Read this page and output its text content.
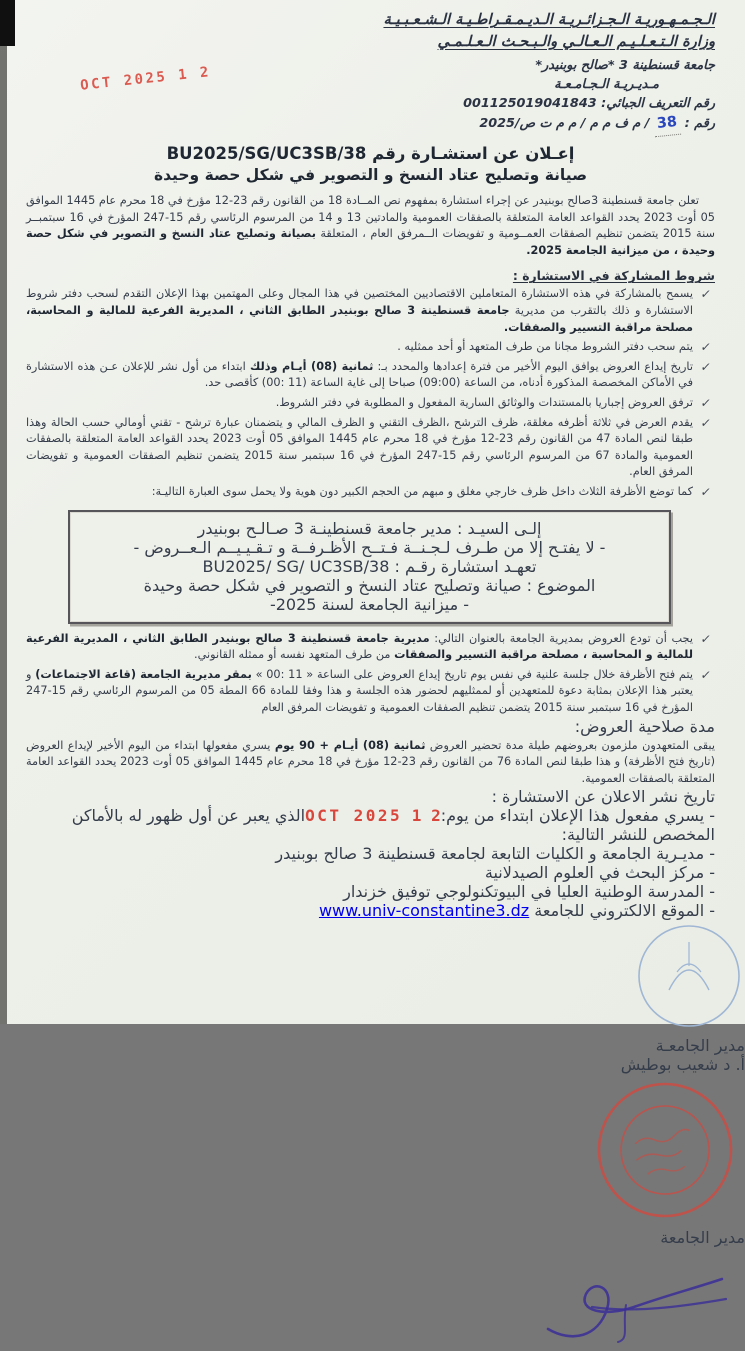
2 1 OCT 2025
الـجـمـهـوريـة الـجـزائـريـة الـديـمـقـراطـيـة الـشـعـبـيـة
وزارة الـتـعـلـيـم الـعـالـي والـبـحـث الـعـلـمـي
جامعة قسنطينة 3 *صالح بوبنيدر*
مـديـريـة الـجـامـعـة
رقم التعريف الجبائي: 001125019041843
رقم : 38 / م ف م م / م م ت ص/2025
إعـلان عن استشـارة رقم BU2025/SG/UC3SB/38
صيانة وتصليح عتاد النسخ و التصوير في شكل حصة وحيدة
تعلن جامعة قسنطينة 3صالح بوبنيدر عن إجراء استشارة بمفهوم نص المــادة 18 من القانون رقم 23-12 مؤرخ في 18 محرم عام 1445 الموافق 05 أوت 2023 يحدد القواعد العامة المتعلقة بالصفقات العمومية والمادتين 13 و 14 من المرسوم الرئاسي رقم 15-247 المؤرخ في 16 سبتمبــر سنة 2015 يتضمن تنظيم الصفقات العمــومية و تفويضات الــمرفق العام ، المتعلقة بصيانة وتصليح عتاد النسخ و التصوير في شكل حصة وحيدة ، من ميزانية الجامعة 2025.
شروط المشاركة في الاستشارة :
✓
يسمح بالمشاركة في هذه الاستشارة المتعاملين الاقتصاديين المختصين في هذا المجال وعلى المهتمين بهذا الإعلان التقدم لسحب دفتر شروط الاستشارة و ذلك بالتقرب من مديرية جامعة قسنطينة 3 صالح بوبنيدر الطابق الثاني ، المديرية الفرعية للمالية و المحاسبة، مصلحة مراقبة التسيير والصفقات.
✓
يتم سحب دفتر الشروط مجانا من طرف المتعهد أو أحد ممثليه .
✓
تاريخ إيداع العروض يوافق اليوم الأخير من فترة إعدادها والمحدد بـ: ثمانية (08) أيـام وذلك ابتداء من أول نشر للإعلان عـن هذه الاستشارة في الأماكن المخصصة المذكورة أدناه، من الساعة (09:00) صباحا إلى غاية الساعة (11 :00) كأقصى حد.
✓
ترفق العروض إجباريا بالمستندات والوثائق السارية المفعول و المطلوبة في دفتر الشروط.
✓
يقدم العرض في ثلاثة أظرفه مغلقة، ظرف الترشح ،الظرف التقني و الظرف المالي و يتضمنان عبارة ترشح - تقني أومالي حسب الحالة وهذا طبقا لنص المادة 47 من القانون رقم 23-12 مؤرخ في 18 محرم عام 1445 الموافق 05 أوت 2023 يحدد القواعد العامة المتعلقة بالصفقات العمومية والمادة 67 من المرسوم الرئاسي رقم 15-247 المؤرخ في 16 سبتمبر سنة 2015 يتضمن تنظيم الصفقات العمومية و تفويضات المرفق العام.
✓
كما توضع الأظرفة الثلاث داخل ظرف خارجي مغلق و مبهم من الحجم الكبير دون هوية ولا يحمل سوى العبارة التاليـة:
إلـى السيـد : مدير جامعة قسنطينـة 3 صـالـح بوبنيدر
- لا يفتـح إلا من طـرف لـجـنــة فـتــح الأظـرفــة و تـقـيـيــم الـعــروض -
تعهـد استشارة رقـم : BU2025/ SG/ UC3SB/38
الموضوع : صيانة وتصليح عتاد النسخ و التصوير في شكل حصة وحيدة
- ميزانية الجامعة لسنة 2025-
✓
يجب أن تودع العروض بمديرية الجامعة بالعنوان التالي: مديرية جامعة قسنطينة 3 صالح بوبنيدر الطابق الثاني ، المديرية الفرعية للمالية و المحاسبة ، مصلحة مراقبة التسيير والصفقات من طرف المتعهد نفسه أو ممثله القانوني.
✓
يتم فتح الأظرفة خلال جلسة علنية في نفس يوم تاريخ إيداع العروض على الساعة « 11 :00 » بمقر مديرية الجامعة (قاعة الاجتماعات) و يعتبر هذا الإعلان بمثابة دعوة للمتعهدين أو لممثليهم لحضور هذه الجلسة و هذا وفقا للمادة 66 المطة 05 من المرسوم الرئاسي رقم 15-247 المؤرخ في 16 سبتمبر سنة 2015 يتضمن تنظيم الصفقات العمومية و تفويضات المرفق العام
مدة صلاحية العروض:
يبقى المتعهدون ملزمون بعروضهم طيلة مدة تحضير العروض ثمانية (08) أيـام + 90 يوم يسري مفعولها ابتداء من اليوم الأخير لإيداع العروض (تاريخ فتح الأظرفة) و هذا طبقا لنص المادة 76 من القانون رقم 23-12 مؤرخ في 18 محرم عام 1445 الموافق 05 أوت 2023 يحدد القواعد العامة المتعلقة بالصفقات العمومية.
تاريخ نشر الاعلان عن الاستشارة :
- يسري مفعول هذا الإعلان ابتداء من يوم:2 1 OCT 2025الذي يعبر عن أول ظهور له بالأماكن المخصص للنشر التالية:
- مديـرية الجامعة و الكليات التابعة لجامعة قسنطينة 3 صالح بوبنيدر
- مركز البحث في العلوم الصيدلانية
- المدرسة الوطنية العليا في البيوتكنولوجي توفيق خزندار
- الموقع الالكتروني للجامعة www.univ-constantine3.dz
مدير الجامعـة
أ. د شعيب بوطيش
مدير الجامعة
